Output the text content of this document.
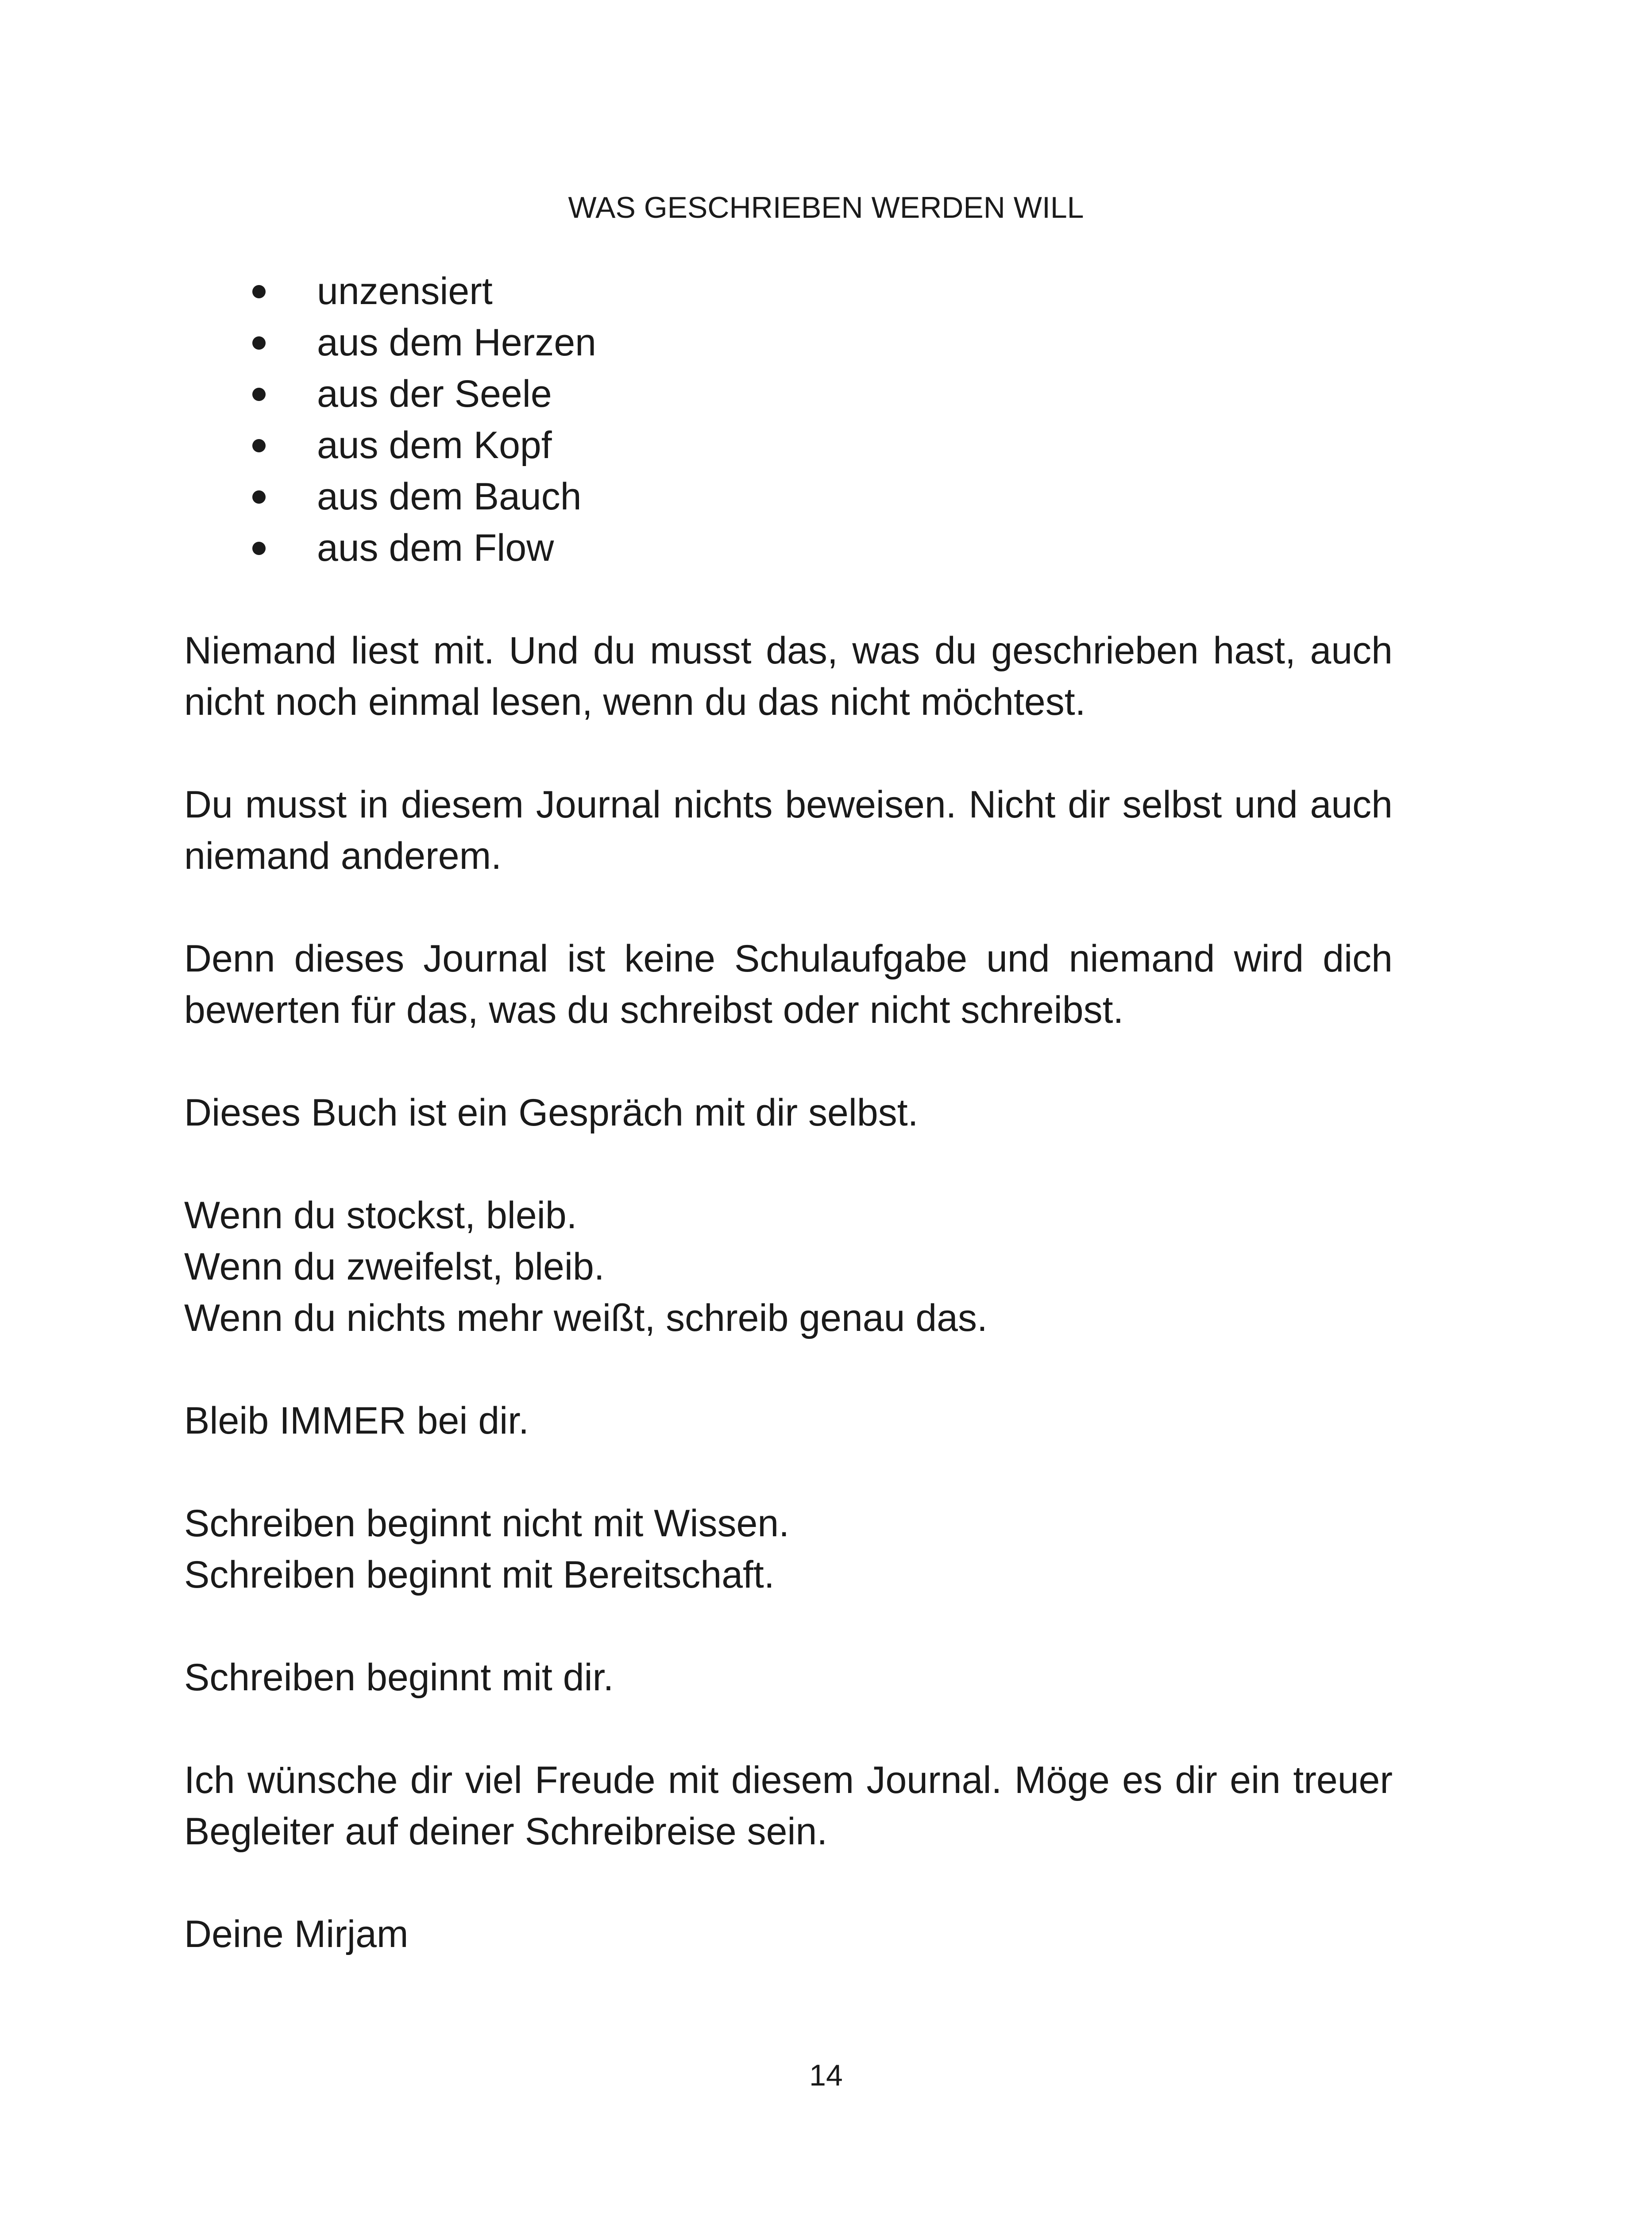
WAS GESCHRIEBEN WERDEN WILL
unzensiert
aus dem Herzen
aus der Seele
aus dem Kopf
aus dem Bauch
aus dem Flow

Niemand liest mit. Und du musst das, was du geschrieben hast, auch nicht noch einmal lesen, wenn du das nicht möchtest.

Du musst in diesem Journal nichts beweisen. Nicht dir selbst und auch niemand anderem.

Denn dieses Journal ist keine Schulaufgabe und niemand wird dich bewerten für das, was du schreibst oder nicht schreibst.

Dieses Buch ist ein Gespräch mit dir selbst.

Wenn du stockst, bleib.
Wenn du zweifelst, bleib.
Wenn du nichts mehr weißt, schreib genau das.

Bleib IMMER bei dir.

Schreiben beginnt nicht mit Wissen.
Schreiben beginnt mit Bereitschaft.

Schreiben beginnt mit dir.

Ich wünsche dir viel Freude mit diesem Journal. Möge es dir ein treuer Begleiter auf deiner Schreibreise sein.

Deine Mirjam

14
